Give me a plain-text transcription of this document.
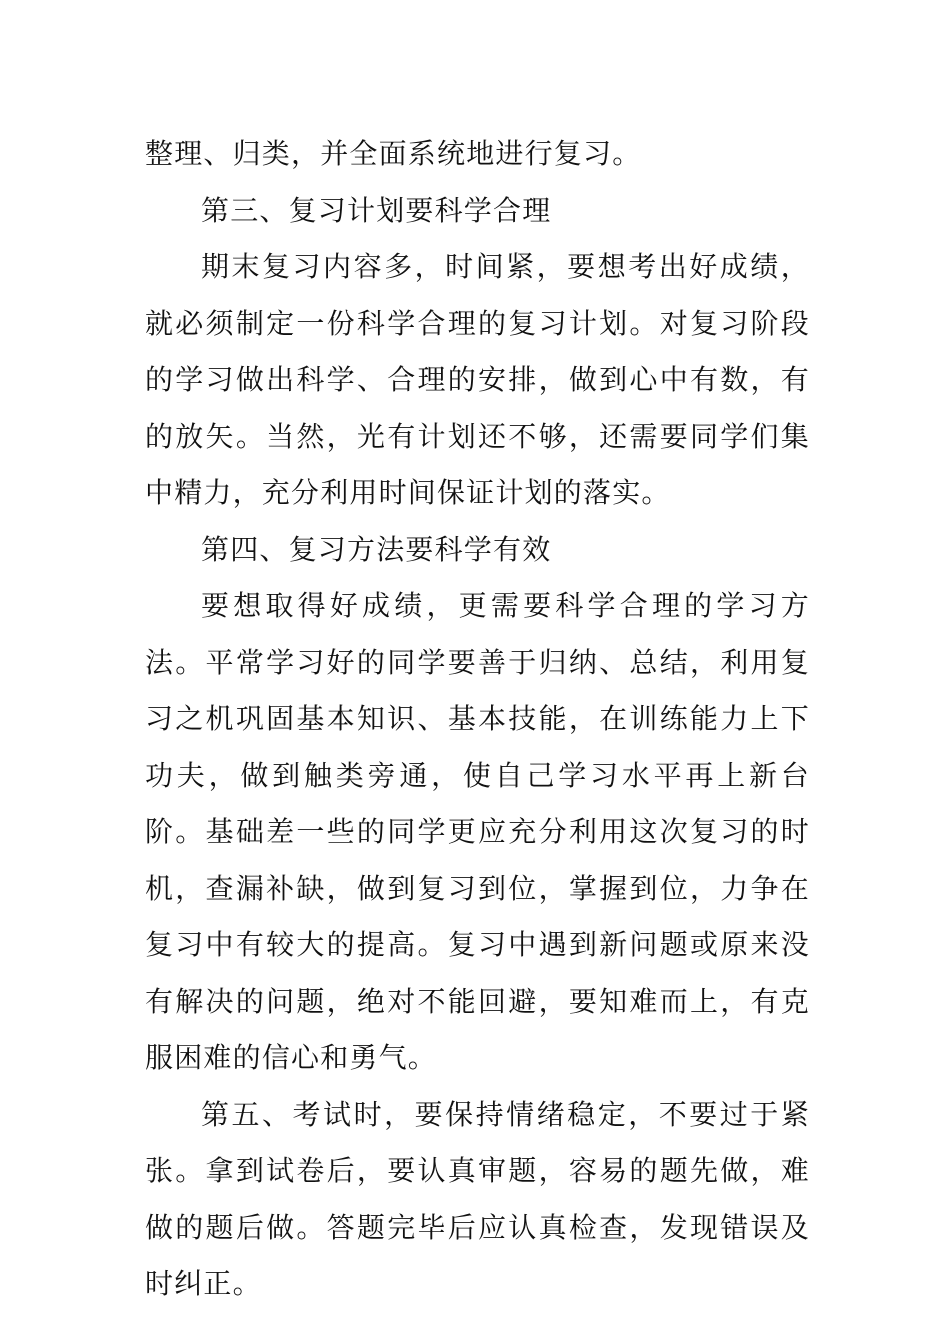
整理、归类，并全面系统地进行复习。

第三、复习计划要科学合理

期末复习内容多，时间紧，要想考出好成绩，就必须制定一份科学合理的复习计划。对复习阶段的学习做出科学、合理的安排，做到心中有数，有的放矢。当然，光有计划还不够，还需要同学们集中精力，充分利用时间保证计划的落实。

第四、复习方法要科学有效

要想取得好成绩，更需要科学合理的学习方法。平常学习好的同学要善于归纳、总结，利用复习之机巩固基本知识、基本技能，在训练能力上下功夫，做到触类旁通，使自己学习水平再上新台阶。基础差一些的同学更应充分利用这次复习的时机，查漏补缺，做到复习到位，掌握到位，力争在复习中有较大的提高。复习中遇到新问题或原来没有解决的问题，绝对不能回避，要知难而上，有克服困难的信心和勇气。

第五、考试时，要保持情绪稳定，不要过于紧张。拿到试卷后，要认真审题，容易的题先做，难做的题后做。答题完毕后应认真检查，发现错误及时纠正。
